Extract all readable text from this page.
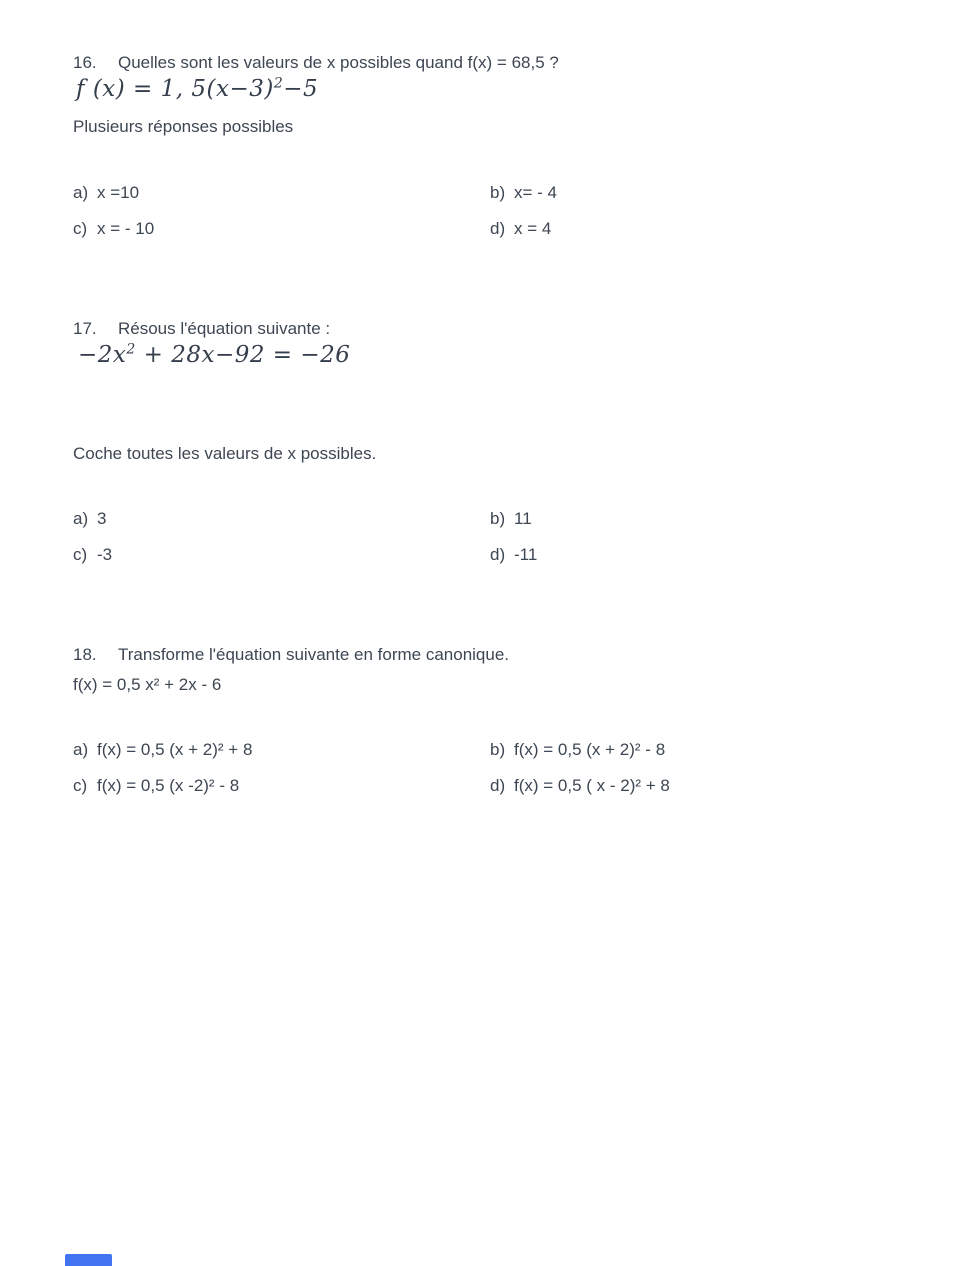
16.	Quelles sont les valeurs de x possibles quand f(x) = 68,5 ?
f (x) = 1, $5(x-3)^2-5$
Plusieurs réponses possibles
a) x =10	b) x= - 4
c) x = - 10	d) x = 4
17.	Résous l'équation suivante :
$-2x^2 + 28x-92 = -26$
Coche toutes les valeurs de x possibles.
a) 3	b) 11
c) -3	d) -11
18.	Transforme l'équation suivante en forme canonique.
f(x) = 0,5 x² + 2x - 6
a) f(x) = 0,5 (x + 2)² + 8	b) f(x) = 0,5 (x + 2)² - 8
c) f(x) = 0,5 (x -2)² - 8	d) f(x) = 0,5 ( x - 2)² + 8
